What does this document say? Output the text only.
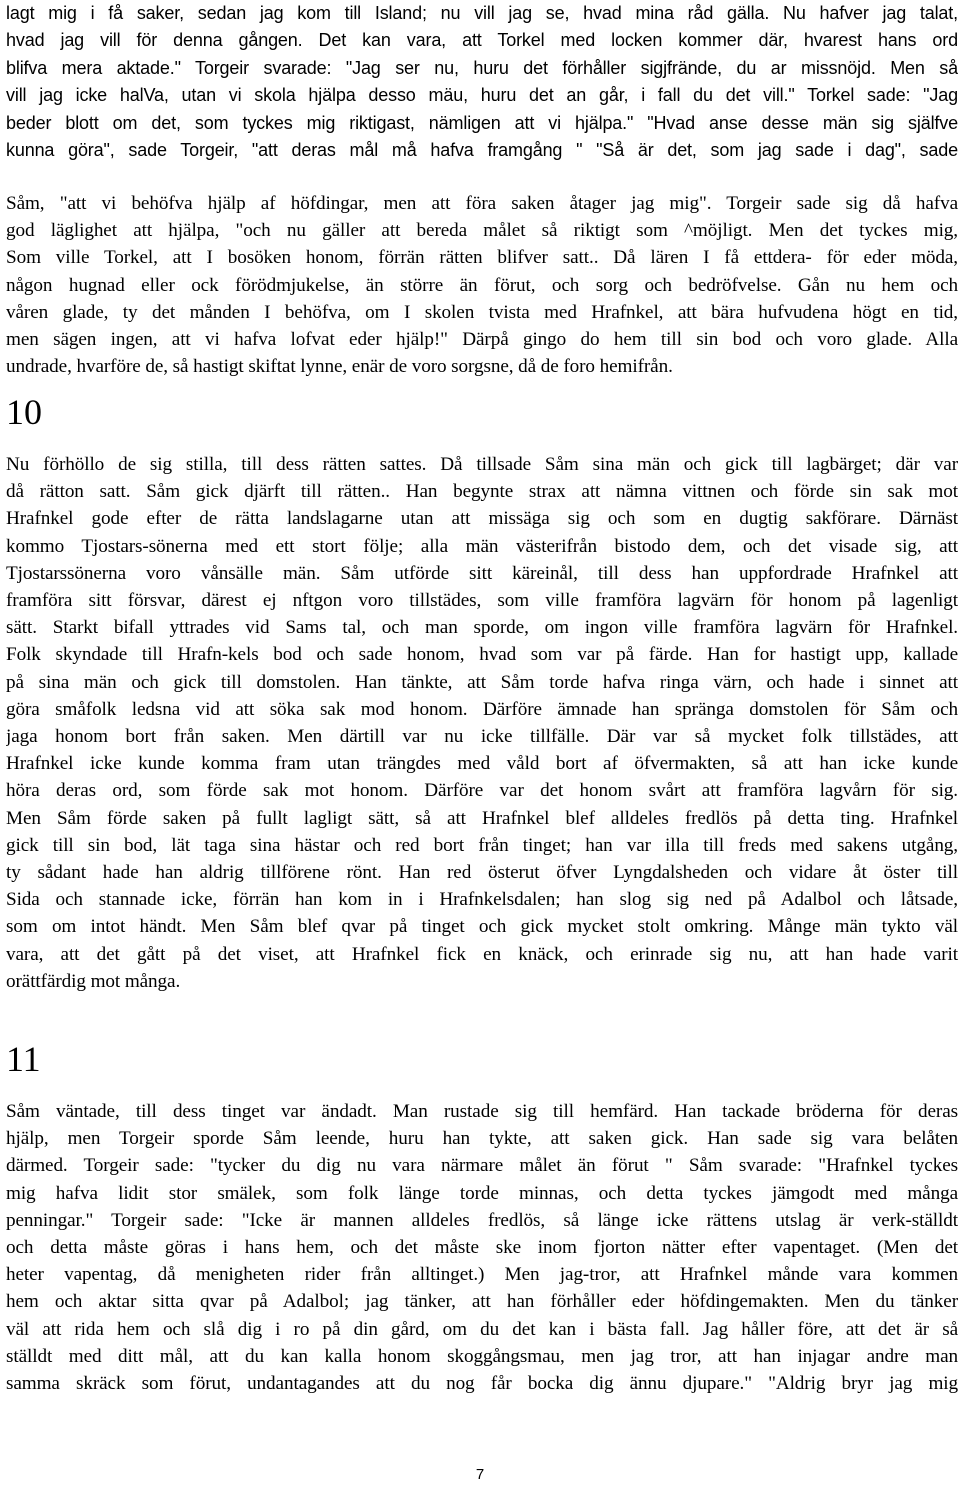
lagt mig i få saker, sedan jag kom till Island; nu vill jag se, hvad mina råd gälla. Nu hafver jag talat,
hvad jag vill för denna gången. Det kan vara, att Torkel med locken kommer där, hvarest hans ord
blifva mera aktade." Torgeir svarade: "Jag ser nu, huru det förhåller sigjfrände, du ar missnöjd. Men så
vill jag icke halVa, utan vi skola hjälpa desso mäu, huru det an går, i fall du det vill." Torkel sade: "Jag
beder blott om det, som tyckes mig riktigast, nämligen att vi hjälpa." "Hvad anse desse män sig själfve
kunna göra", sade Torgeir, "att deras mål må hafva framgång " "Så är det, som jag sade i dag", sade
Såm, "att vi behöfva hjälp af höfdingar, men att föra saken åtager jag mig". Torgeir sade sig då hafva
god läglighet att hjälpa, "och nu gäller att bereda målet så riktigt som ^möjligt. Men det tyckes mig,
Som ville Torkel, att I bosöken honom, förrän rätten blifver satt.. Då lären I få ettdera- för eder möda,
någon hugnad eller ock förödmjukelse, än större än förut, och sorg och bedröfvelse. Gån nu hem och
våren glade, ty det månden I behöfva, om I skolen tvista med Hrafnkel, att bära hufvudena högt en tid,
men sägen ingen, att vi hafva lofvat eder hjälp!" Därpå gingo do hem till sin bod och voro glade. Alla
undrade, hvarföre de, så hastigt skiftat lynne, enär de voro sorgsne, då de foro hemifrån.
10
Nu förhöllo de sig stilla, till dess rätten sattes. Då tillsade Såm sina män och gick till lagbärget; där var
då rätton satt. Såm gick djärft till rätten.. Han begynte strax att nämna vittnen och förde sin sak mot
Hrafnkel gode efter de rätta landslagarne utan att missäga sig och som en dugtig sakförare. Därnäst
kommo Tjostars-sönerna med ett stort följe; alla män västerifrån bistodo dem, och det visade sig, att
Tjostarssönerna voro vånsälle män. Såm utförde sitt käreinål, till dess han uppfordrade Hrafnkel att
framföra sitt försvar, därest ej nftgon voro tillstädes, som ville framföra lagvärn för honom på lagenligt
sätt. Starkt bifall yttrades vid Sams tal, och man sporde, om ingon ville framföra lagvärn för Hrafnkel.
Folk skyndade till Hrafn-kels bod och sade honom, hvad som var på färde. Han for hastigt upp, kallade
på sina män och gick till domstolen. Han tänkte, att Såm torde hafva ringa värn, och hade i sinnet att
göra småfolk ledsna vid att söka sak mod honom. Därföre ämnade han spränga domstolen för Såm och
jaga honom bort från saken. Men därtill var nu icke tillfälle. Där var så mycket folk tillstädes, att
Hrafnkel icke kunde komma fram utan trängdes med våld bort af öfvermakten, så att han icke kunde
höra deras ord, som förde sak mot honom. Därföre var det honom svårt att framföra lagvårn för sig.
Men Såm förde saken på fullt lagligt sätt, så att Hrafnkel blef alldeles fredlös på detta ting. Hrafnkel
gick till sin bod, lät taga sina hästar och red bort från tinget; han var illa till freds med sakens utgång,
ty sådant hade han aldrig tillförene rönt. Han red österut öfver Lyngdalsheden och vidare åt öster till
Sida och stannade icke, förrän han kom in i Hrafnkelsdalen; han slog sig ned på Adalbol och låtsade,
som om intot händt. Men Såm blef qvar på tinget och gick mycket stolt omkring. Månge män tykto väl
vara, att det gått på det viset, att Hrafnkel fick en knäck, och erinrade sig nu, att han hade varit
orättfärdig mot många.
11
Såm väntade, till dess tinget var ändadt. Man rustade sig till hemfärd. Han tackade bröderna för deras
hjälp, men Torgeir sporde Såm leende, huru han tykte, att saken gick. Han sade sig vara belåten
därmed. Torgeir sade: "tycker du dig nu vara närmare målet än förut " Såm svarade: "Hrafnkel tyckes
mig hafva lidit stor smälek, som folk länge torde minnas, och detta tyckes jämgodt med många
penningar." Torgeir sadе: "Icke är mannen alldeles fredlös, så länge icke rättens utslag är verk-ställdt
och detta måste göras i hans hem, och det måste ske inom fjorton nätter efter vapentaget. (Men det
heter vapentag, då menigheten rider från alltinget.) Men jag-tror, att Hrafnkel månde vara kommen
hem och aktar sitta qvar på Adalbol; jag tänker, att han förhåller eder höfdingemakten. Men du tänker
väl att rida hem och slå dig i ro på din gård, om du det kan i bästa fall. Jag håller före, att det är så
ställdt med ditt mål, att du kan kalla honom skoggångsmau, men jag tror, att han injagar andre man
samma skräck som förut, undantagandes att du nog får bocka dig ännu djupare." "Aldrig bryr jag mig
7
